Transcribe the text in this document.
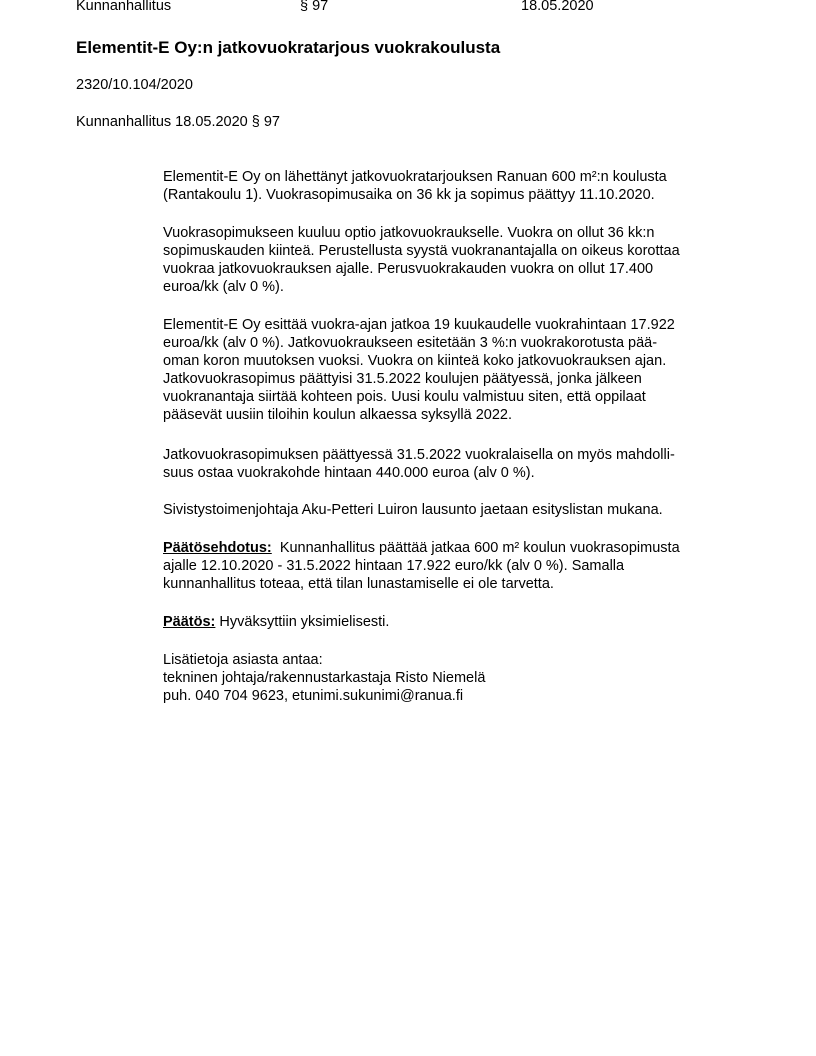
Kunnanhallitus	§ 97	18.05.2020
Elementit-E Oy:n jatkovuokratarjous vuokrakoulusta
2320/10.104/2020
Kunnanhallitus 18.05.2020 § 97
Elementit-E Oy on lähettänyt jatkovuokratarjouksen Ranuan 600 m²:n koulusta
(Rantakoulu 1). Vuokrasopimusaika on 36 kk ja sopimus päättyy 11.10.2020.
Vuokrasopimukseen kuuluu optio jatkovuokraukselle. Vuokra on ollut 36 kk:n
sopimuskauden kiinteä. Perustellusta syystä vuokranantajalla on oikeus korottaa
vuokraa jatkovuokrauksen ajalle. Perusvuokrakauden vuokra on ollut 17.400
euroa/kk (alv 0 %).
Elementit-E Oy esittää vuokra-ajan jatkoa 19 kuukaudelle vuokrahintaan 17.922
euroa/kk (alv 0 %). Jatkovuokraukseen esitetään 3 %:n vuokrakorotusta pää-
oman koron muutoksen vuoksi. Vuokra on kiinteä koko jatkovuokrauksen ajan.
Jatkovuokrasopimus päättyisi 31.5.2022 koulujen päätyessä, jonka jälkeen
vuokranantaja siirtää kohteen pois. Uusi koulu valmistuu siten, että oppilaat
pääsevät uusiin tiloihin koulun alkaessa syksyllä 2022.
Jatkovuokrasopimuksen päättyessä 31.5.2022 vuokralaisella on myös mahdolli-
suus ostaa vuokrakohde hintaan 440.000 euroa (alv 0 %).
Sivistystoimenjohtaja Aku-Petteri Luiron lausunto jaetaan esityslistan mukana.
Päätösehdotus:  Kunnanhallitus päättää jatkaa 600 m² koulun vuokrasopimusta
ajalle 12.10.2020 - 31.5.2022 hintaan 17.922 euro/kk (alv 0 %). Samalla
kunnanhallitus toteaa, että tilan lunastamiselle ei ole tarvetta.
Päätös: Hyväksyttiin yksimielisesti.
Lisätietoja asiasta antaa:
tekninen johtaja/rakennustarkastaja Risto Niemelä
puh. 040 704 9623, etunimi.sukunimi@ranua.fi
